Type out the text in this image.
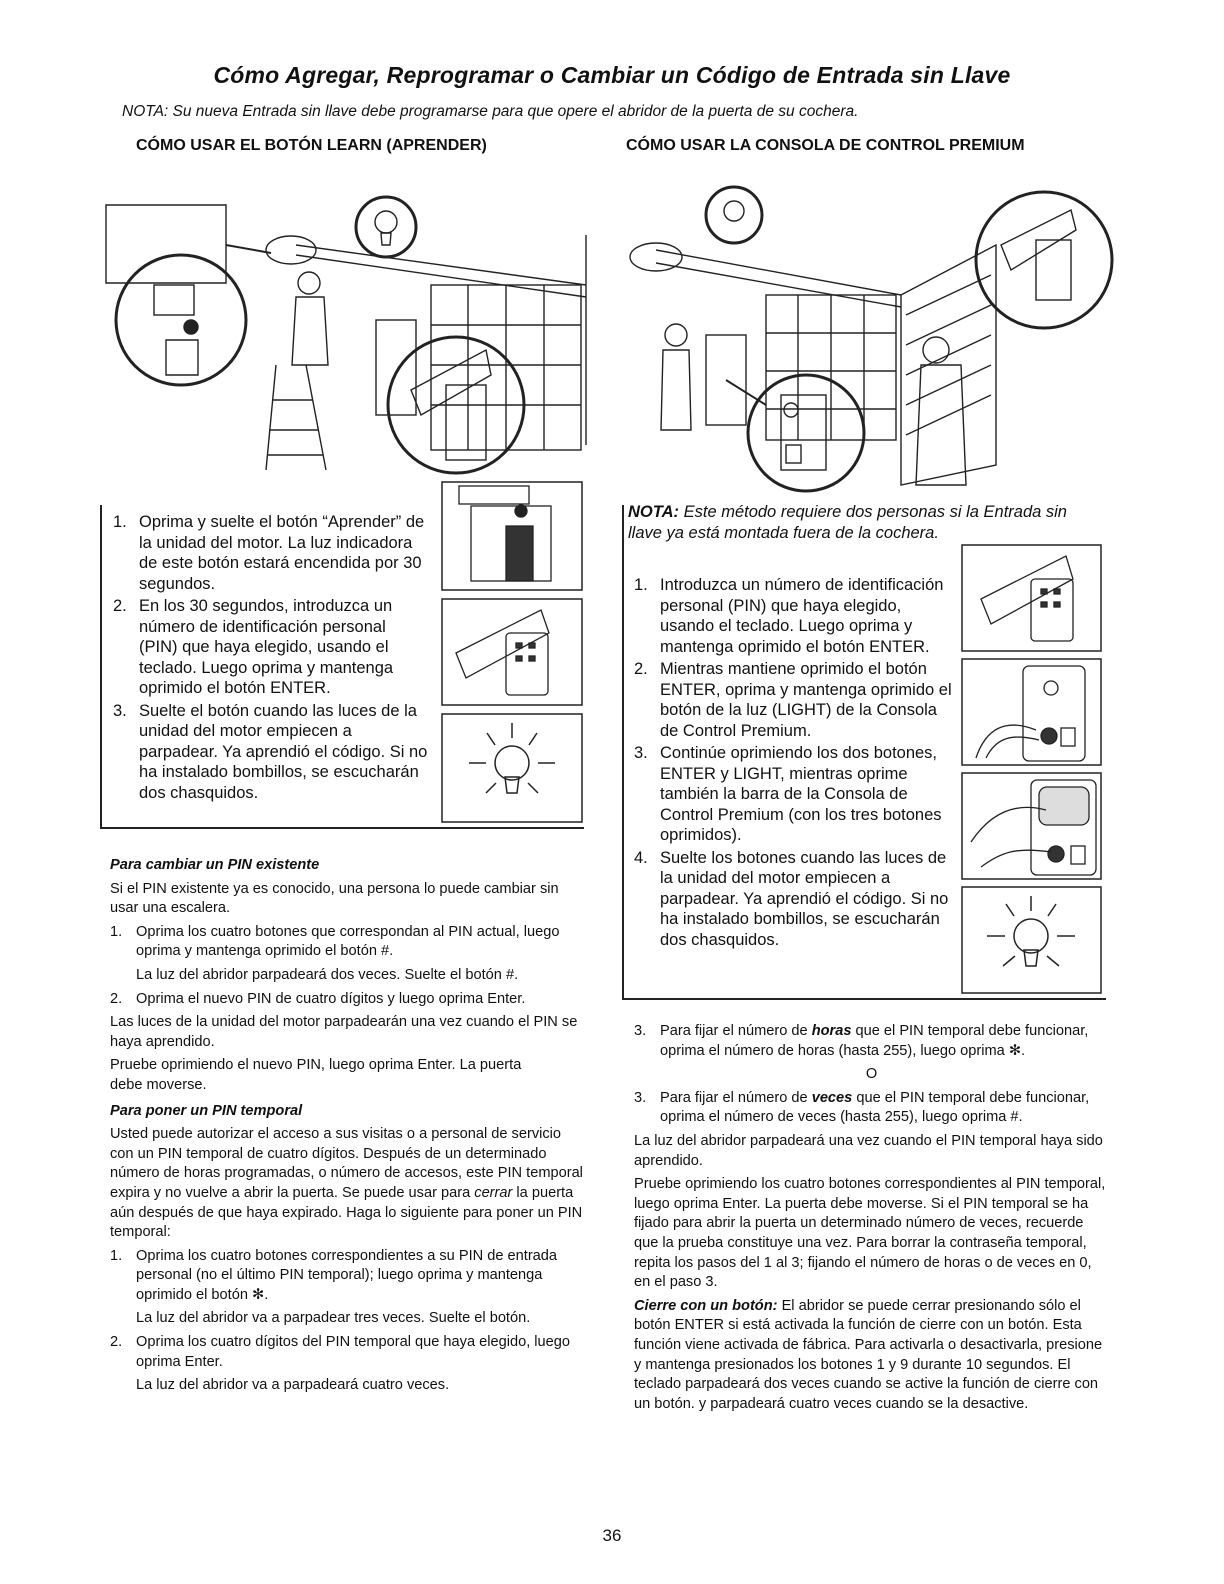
Cómo Agregar, Reprogramar o Cambiar un Código de Entrada sin Llave
NOTA: Su nueva Entrada sin llave debe programarse para que opere el abridor de la puerta de su cochera.
CÓMO USAR EL BOTÓN LEARN (APRENDER)	CÓMO USAR LA CONSOLA DE CONTROL PREMIUM
1. Oprima y suelte el botón “Aprender” de la unidad del motor. La luz indicadora de este botón estará encendida por 30 segundos.
2. En los 30 segundos, introduzca un número de identificación personal (PIN) que haya elegido, usando el teclado. Luego oprima y mantenga oprimido el botón ENTER.
3. Suelte el botón cuando las luces de la unidad del motor empiecen a parpadear. Ya aprendió el código. Si no ha instalado bombillos, se escucharán dos chasquidos.

Para cambiar un PIN existente

Si el PIN existente ya es conocido, una persona lo puede cambiar sin usar una escalera.

1. Oprima los cuatro botones que correspondan al PIN actual, luego oprima y mantenga oprimido el botón #.

La luz del abridor parpadeará dos veces. Suelte el botón #.

2. Oprima el nuevo PIN de cuatro dígitos y luego oprima Enter.

Las luces de la unidad del motor parpadearán una vez cuando el PIN se haya aprendido.

Pruebe oprimiendo el nuevo PIN, luego oprima Enter. La puerta debe moverse.

Para poner un PIN temporal

Usted puede autorizar el acceso a sus visitas o a personal de servicio con un PIN temporal de cuatro dígitos. Después de un determinado número de horas programadas, o número de accesos, este PIN temporal expira y no vuelve a abrir la puerta. Se puede usar para cerrar la puerta aún después de que haya expirado. Haga lo siguiente para poner un PIN temporal:

1. Oprima los cuatro botones correspondientes a su PIN de entrada personal (no el último PIN temporal); luego oprima y mantenga oprimido el botón ✻.

La luz del abridor va a parpadear tres veces. Suelte el botón.

2. Oprima los cuatro dígitos del PIN temporal que haya elegido, luego oprima Enter.

La luz del abridor va a parpadeará cuatro veces.

NOTA: Este método requiere dos personas si la Entrada sin llave ya está montada fuera de la cochera.
1. Introduzca un número de identificación personal (PIN) que haya elegido, usando el teclado. Luego oprima y mantenga oprimido el botón ENTER.
2. Mientras mantiene oprimido el botón ENTER, oprima y mantenga oprimido el botón de la luz (LIGHT) de la Consola de Control Premium.
3. Continúe oprimiendo los dos botones, ENTER y LIGHT, mientras oprime también la barra de la Consola de Control Premium (con los tres botones oprimidos).
4. Suelte los botones cuando las luces de la unidad del motor empiecen a parpadear. Ya aprendió el código. Si no ha instalado bombillos, se escucharán dos chasquidos.
3. Para fijar el número de horas que el PIN temporal debe funcionar, oprima el número de horas (hasta 255), luego oprima ✻.

O

3. Para fijar el número de veces que el PIN temporal debe funcionar, oprima el número de veces (hasta 255), luego oprima #.

La luz del abridor parpadeará una vez cuando el PIN temporal haya sido aprendido.

Pruebe oprimiendo los cuatro botones correspondientes al PIN temporal, luego oprima Enter. La puerta debe moverse. Si el PIN temporal se ha fijado para abrir la puerta un determinado número de veces, recuerde que la prueba constituye una vez. Para borrar la contraseña temporal, repita los pasos del 1 al 3; fijando el número de horas o de veces en 0, en el paso 3.

Cierre con un botón: El abridor se puede cerrar presionando sólo el botón ENTER si está activada la función de cierre con un botón. Esta función viene activada de fábrica. Para activarla o desactivarla, presione y mantenga presionados los botones 1 y 9 durante 10 segundos. El teclado parpadeará dos veces cuando se active la función de cierre con un botón. y parpadeará cuatro veces cuando se la desactive.

36
